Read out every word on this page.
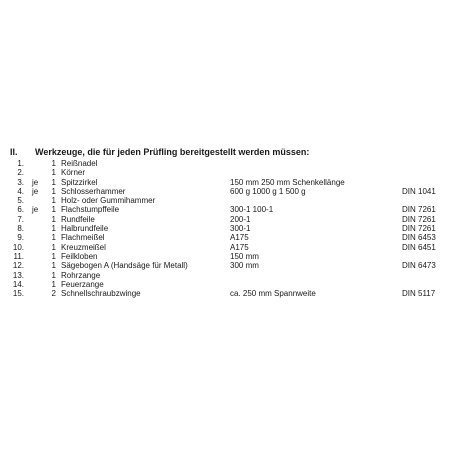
II. Werkzeuge, die für jeden Prüfling bereitgestellt werden müssen:
1.	1 Reißnadel
2.	1 Körner
3. je	1 Spitzzirkel	150 mm 250 mm Schenkellänge
4. je	1 Schlosserhammer	600 g 1000 g 1 500 g	DIN 1041
5.	1 Holz- oder Gummihammer
6. je	1 Flachstumpffeile	300-1 100-1	DIN 7261
7.	1 Rundfeile	200-1	DIN 7261
8.	1 Halbrundfeile	300-1	DIN 7261
9.	1 Flachmeißel	A175	DIN 6453
10.	1 Kreuzmeißel	A175	DIN 6451
11.	1 Feilkloben	150 mm
12.	1 Sägebogen A (Handsäge für Metall)	300 mm	DIN 6473
13.	1 Rohrzange
14.	1 Feuerzange
15.	2 Schnellschraubzwinge	ca. 250 mm Spannweite	DIN 5117
